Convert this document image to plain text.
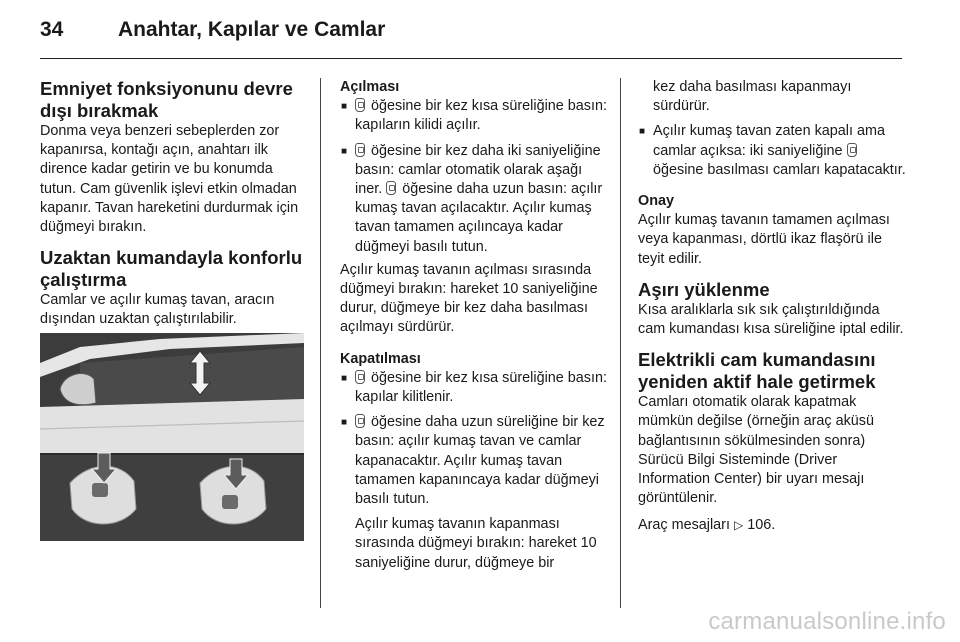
34	Anahtar, Kapılar ve Camlar
Emniyet fonksiyonunu devre dışı bırakmak

Donma veya benzeri sebeplerden zor kapanırsa, kontağı açın, anahtarı ilk dirence kadar getirin ve bu konumda tutun. Cam güvenlik işlevi etkin olmadan kapanır. Tavan hareketini durdurmak için düğmeyi bırakın.

Uzaktan kumandayla konforlu çalıştırma

Camlar ve açılır kumaş tavan, aracın dışından uzaktan çalıştırılabilir.

Açılması
■ öğesine bir kez kısa süreliğine basın: kapıların kilidi açılır.
■ öğesine bir kez daha iki saniyeliğine basın: camlar otomatik olarak aşağı iner. öğesine daha uzun basın: açılır kumaş tavan açılacaktır. Açılır kumaş tavan tamamen açılıncaya kadar düğmeyi basılı tutun.

Açılır kumaş tavanın açılması sırasında düğmeyi bırakın: hareket 10 saniyeliğine durur, düğmeye bir kez daha basılması açılmayı sürdürür.

Kapatılması
■ öğesine bir kez kısa süreliğine basın: kapılar kilitlenir.
■ öğesine daha uzun süreliğine bir kez basın: açılır kumaş tavan ve camlar kapanacaktır. Açılır kumaş tavan tamamen kapanıncaya kadar düğmeyi basılı tutun.

Açılır kumaş tavanın kapanması sırasında düğmeyi bırakın: hareket 10 saniyeliğine durur, düğmeye bir

kez daha basılması kapanmayı sürdürür.

■ Açılır kumaş tavan zaten kapalı ama camlar açıksa: iki saniyeliğine  öğesine basılması camları kapatacaktır.
Onay

Açılır kumaş tavanın tamamen açılması veya kapanması, dörtlü ikaz flaşörü ile teyit edilir.

Aşırı yüklenme

Kısa aralıklarla sık sık çalıştırıldığında cam kumandası kısa süreliğine iptal edilir.

Elektrikli cam kumandasını yeniden aktif hale getirmek

Camları otomatik olarak kapatmak mümkün değilse (örneğin araç aküsü bağlantısının sökülmesinden sonra) Sürücü Bilgi Sisteminde (Driver Information Center) bir uyarı mesajı görüntülenir.

Araç mesajları ▷ 106.

carmanualsonline.info
